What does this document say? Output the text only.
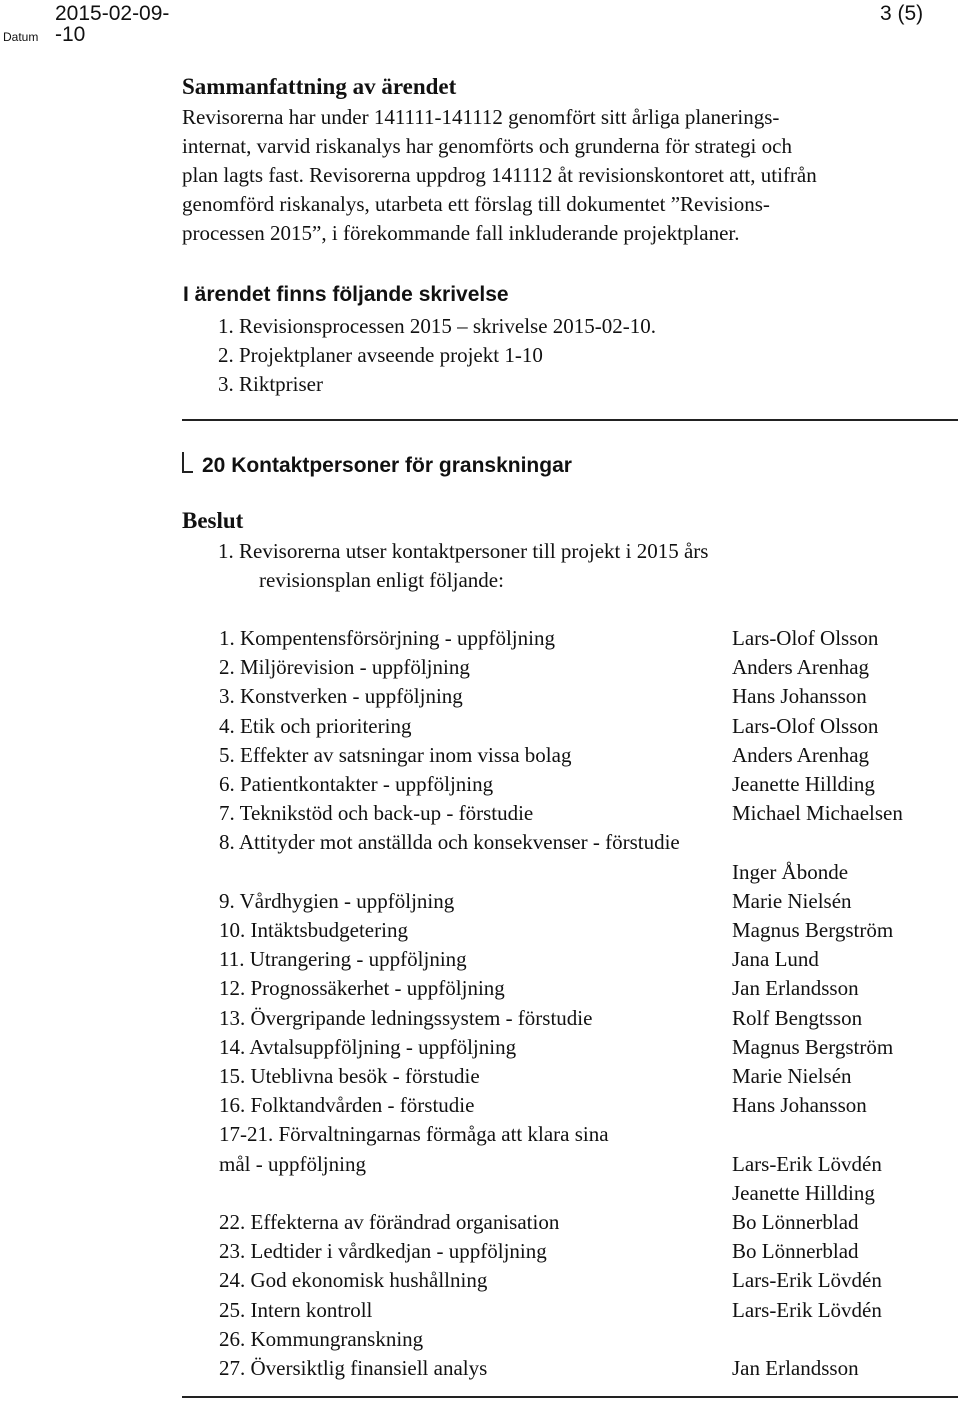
Datum
2015-02-09-
-10
3 (5)
Sammanfattning av ärendet
Revisorerna har under 141111-141112 genomfört sitt årliga planerings-
internat, varvid riskanalys har genomförts och grunderna för strategi och
plan lagts fast. Revisorerna uppdrog 141112 åt revisionskontoret att, utifrån
genomförd riskanalys, utarbeta ett förslag till dokumentet ”Revisions-
processen 2015”, i förekommande fall inkluderande projektplaner.
I ärendet finns följande skrivelse
1. Revisionsprocessen 2015 – skrivelse 2015-02-10.
2. Projektplaner avseende projekt 1-10
3. Riktpriser
20 Kontaktpersoner för granskningar
Beslut
1. Revisorerna utser kontaktpersoner till projekt i 2015 års
revisionsplan enligt följande:
1. Kompentensförsörjning - uppföljning	Lars-Olof Olsson
2. Miljörevision - uppföljning	Anders Arenhag
3. Konstverken - uppföljning	Hans Johansson
4. Etik och prioritering	Lars-Olof Olsson
5. Effekter av satsningar inom vissa bolag	Anders Arenhag
6. Patientkontakter - uppföljning	Jeanette Hillding
7. Teknikstöd och back-up - förstudie	Michael Michaelsen
8. Attityder mot anställda och konsekvenser - förstudie
Inger Åbonde
9. Vårdhygien - uppföljning	Marie Nielsén
10. Intäktsbudgetering	Magnus Bergström
11. Utrangering - uppföljning	Jana Lund
12. Prognossäkerhet - uppföljning	Jan Erlandsson
13. Övergripande ledningssystem - förstudie	Rolf Bengtsson
14. Avtalsuppföljning - uppföljning	Magnus Bergström
15. Uteblivna besök - förstudie	Marie Nielsén
16. Folktandvården - förstudie	Hans Johansson
17-21. Förvaltningarnas förmåga att klara sina
mål - uppföljning	Lars-Erik Lövdén
Jeanette Hillding
22. Effekterna av förändrad organisation	Bo Lönnerblad
23. Ledtider i vårdkedjan - uppföljning	Bo Lönnerblad
24. God ekonomisk hushållning	Lars-Erik Lövdén
25. Intern kontroll	Lars-Erik Lövdén
26. Kommungranskning
27. Översiktlig finansiell analys	Jan Erlandsson
